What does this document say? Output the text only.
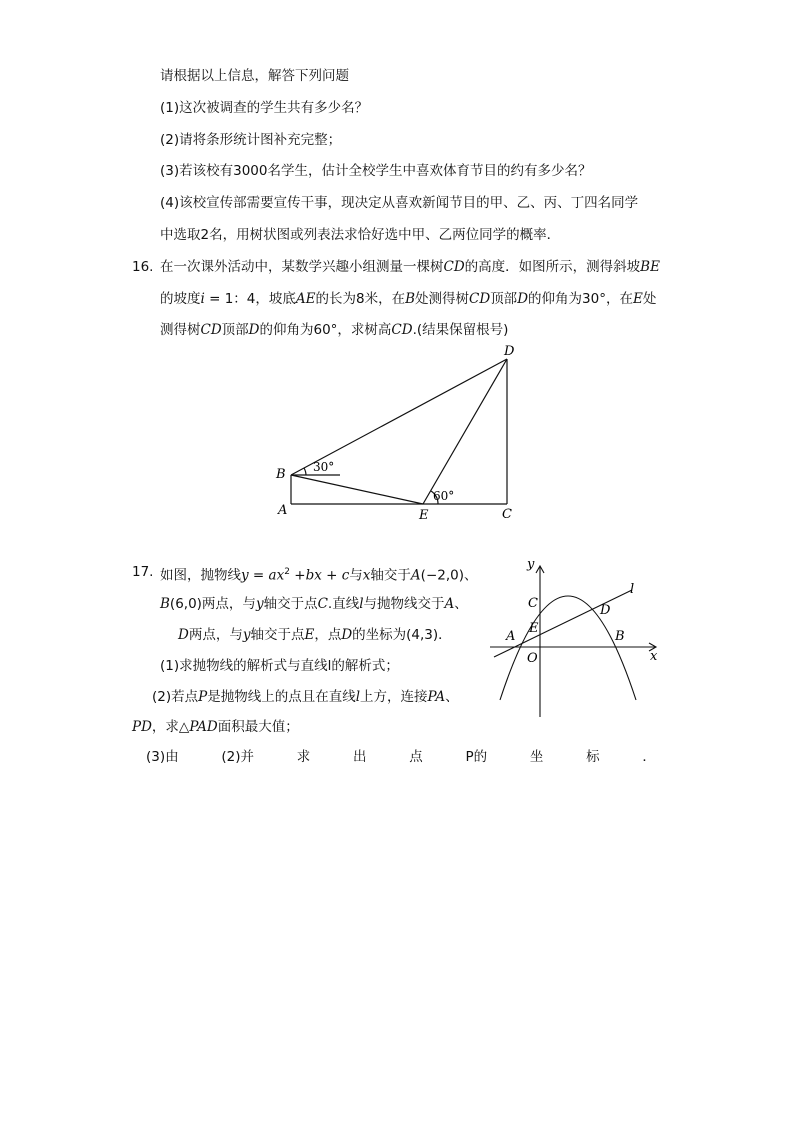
请根据以上信息，解答下列问题
(1)这次被调查的学生共有多少名？
(2)请将条形统计图补充完整；
(3)若该校有3000名学生，估计全校学生中喜欢体育节目的约有多少名？
(4)该校宣传部需要宣传干事，现决定从喜欢新闻节目的甲、乙、丙、丁四名同学
中选取2名，用树状图或列表法求恰好选中甲、乙两位同学的概率．
16. 在一次课外活动中，某数学兴趣小组测量一棵树CD的高度．如图所示，测得斜坡BE
的坡度i = 1：4，坡底AE的长为8米，在B处测得树CD顶部D的仰角为30°，在E处
测得树CD顶部D的仰角为60°，求树高CD.(结果保留根号)
D
B
A	E	C
30°
60°
17. 如图，抛物线$y = ax^2 +bx + c$与x轴交于A(−2,0)、
B(6,0)两点，与y轴交于点C.直线l与抛物线交于A、
D两点，与y轴交于点E，点D的坐标为(4,3)．
(1)求抛物线的解析式与直线l的解析式；
(2)若点P是抛物线上的点且在直线l上方，连接PA、
PD，求△PAD面积最大值；
(3)由	(2)并	求	出	点	P的	坐	标	．
y
x
l
C	D
A
E
B
O
